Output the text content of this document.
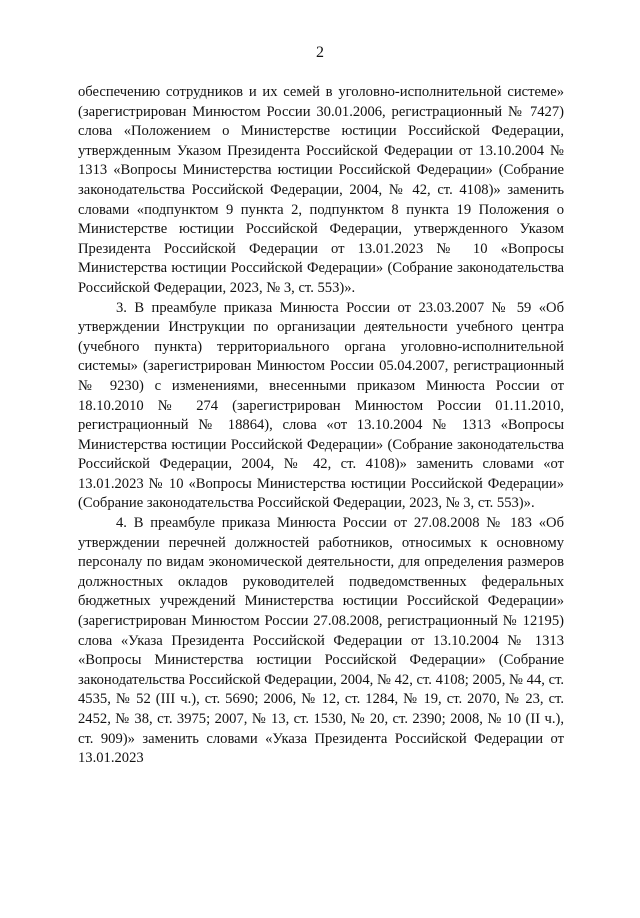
2

обеспечению сотрудников и их семей в уголовно-исполнительной системе» (зарегистрирован Минюстом России 30.01.2006, регистрационный № 7427) слова «Положением о Министерстве юстиции Российской Федерации, утвержденным Указом Президента Российской Федерации от 13.10.2004 № 1313 «Вопросы Министерства юстиции Российской Федерации» (Собрание законодательства Российской Федерации, 2004, № 42, ст. 4108)» заменить словами «подпунктом 9 пункта 2, подпунктом 8 пункта 19 Положения о Министерстве юстиции Российской Федерации, утвержденного Указом Президента Российской Федерации от 13.01.2023 № 10 «Вопросы Министерства юстиции Российской Федерации» (Собрание законодательства Российской Федерации, 2023, № 3, ст. 553)».

3. В преамбуле приказа Минюста России от 23.03.2007 № 59 «Об утверждении Инструкции по организации деятельности учебного центра (учебного пункта) территориального органа уголовно-исполнительной системы» (зарегистрирован Минюстом России 05.04.2007, регистрационный № 9230) с изменениями, внесенными приказом Минюста России от 18.10.2010 № 274 (зарегистрирован Минюстом России 01.11.2010, регистрационный № 18864), слова «от 13.10.2004 № 1313 «Вопросы Министерства юстиции Российской Федерации» (Собрание законодательства Российской Федерации, 2004, № 42, ст. 4108)» заменить словами «от 13.01.2023 № 10 «Вопросы Министерства юстиции Российской Федерации» (Собрание законодательства Российской Федерации, 2023, № 3, ст. 553)».

4. В преамбуле приказа Минюста России от 27.08.2008 № 183 «Об утверждении перечней должностей работников, относимых к основному персоналу по видам экономической деятельности, для определения размеров должностных окладов руководителей подведомственных федеральных бюджетных учреждений Министерства юстиции Российской Федерации» (зарегистрирован Минюстом России 27.08.2008, регистрационный № 12195) слова «Указа Президента Российской Федерации от 13.10.2004 № 1313 «Вопросы Министерства юстиции Российской Федерации» (Собрание законодательства Российской Федерации, 2004, № 42, ст. 4108; 2005, № 44, ст. 4535, № 52 (III ч.), ст. 5690; 2006, № 12, ст. 1284, № 19, ст. 2070, № 23, ст. 2452, № 38, ст. 3975; 2007, № 13, ст. 1530, № 20, ст. 2390; 2008, № 10 (II ч.), ст. 909)» заменить словами «Указа Президента Российской Федерации от 13.01.2023
